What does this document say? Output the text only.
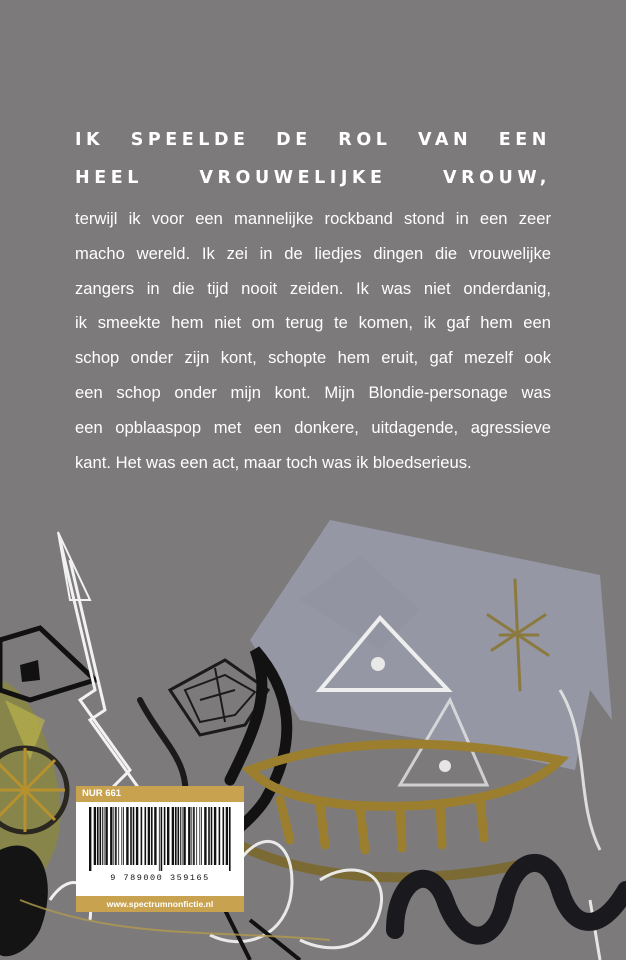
IK SPEELDE DE ROL VAN EEN
HEEL VROUWELIJKE VROUW,
terwijl ik voor een mannelijke rockband stond in een zeer
macho wereld. Ik zei in de liedjes dingen die vrouwelijke
zangers in die tijd nooit zeiden. Ik was niet onderdanig,
ik smeekte hem niet om terug te komen, ik gaf hem een
schop onder zijn kont, schopte hem eruit, gaf mezelf ook
een schop onder mijn kont. Mijn Blondie-personage was
een opblaaspop met een donkere, uitdagende, agressieve
kant. Het was een act, maar toch was ik bloedserieus.
NUR 661
9 789000 359165
www.spectrumnonfictie.nl
